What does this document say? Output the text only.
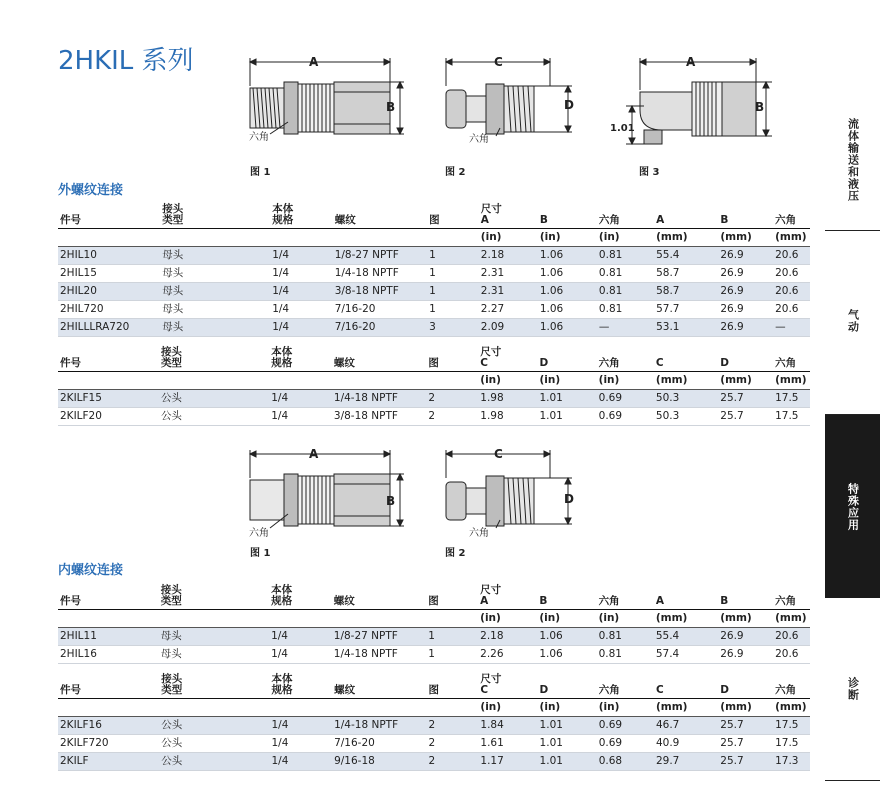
2HKIL 系列	A
B
六角
图 1
C
D
六角
图 2
A
B
1.01
图 3
外螺纹连接
件号	接头
类型	本体
规格	螺纹	图	尺寸
A	B	六角	A	B	六角
					(in)	(in)	(in)	(mm)	(mm)	(mm)
2HIL10	母头	1/4	1/8-27 NPTF	1	2.18	1.06	0.81	55.4	26.9	20.6
2HIL15	母头	1/4	1/4-18 NPTF	1	2.31	1.06	0.81	58.7	26.9	20.6
2HIL20	母头	1/4	3/8-18 NPTF	1	2.31	1.06	0.81	58.7	26.9	20.6
2HIL720	母头	1/4	7/16-20	1	2.27	1.06	0.81	57.7	26.9	20.6
2HILLLRA720	母头	1/4	7/16-20	3	2.09	1.06	—	53.1	26.9	—
件号	接头
类型	本体
规格	螺纹	图	尺寸
C	D	六角	C	D	六角
					(in)	(in)	(in)	(mm)	(mm)	(mm)
2KILF15	公头	1/4	1/4-18 NPTF	2	1.98	1.01	0.69	50.3	25.7	17.5
2KILF20	公头	1/4	3/8-18 NPTF	2	1.98	1.01	0.69	50.3	25.7	17.5
A
B
六角
图 1
C
D
六角
图 2
内螺纹连接
件号	接头
类型	本体
规格	螺纹	图	尺寸
A	B	六角	A	B	六角
					(in)	(in)	(in)	(mm)	(mm)	(mm)
2HIL11	母头	1/4	1/8-27 NPTF	1	2.18	1.06	0.81	55.4	26.9	20.6
2HIL16	母头	1/4	1/4-18 NPTF	1	2.26	1.06	0.81	57.4	26.9	20.6
件号	接头
类型	本体
规格	螺纹	图	尺寸
C	D	六角	C	D	六角
					(in)	(in)	(in)	(mm)	(mm)	(mm)
2KILF16	公头	1/4	1/4-18 NPTF	2	1.84	1.01	0.69	46.7	25.7	17.5
2KILF720	公头	1/4	7/16-20	2	1.61	1.01	0.69	40.9	25.7	17.5
2KILF	公头	1/4	9/16-18	2	1.17	1.01	0.68	29.7	25.7	17.3
流体输送和液压
气动
特殊应用
诊断
